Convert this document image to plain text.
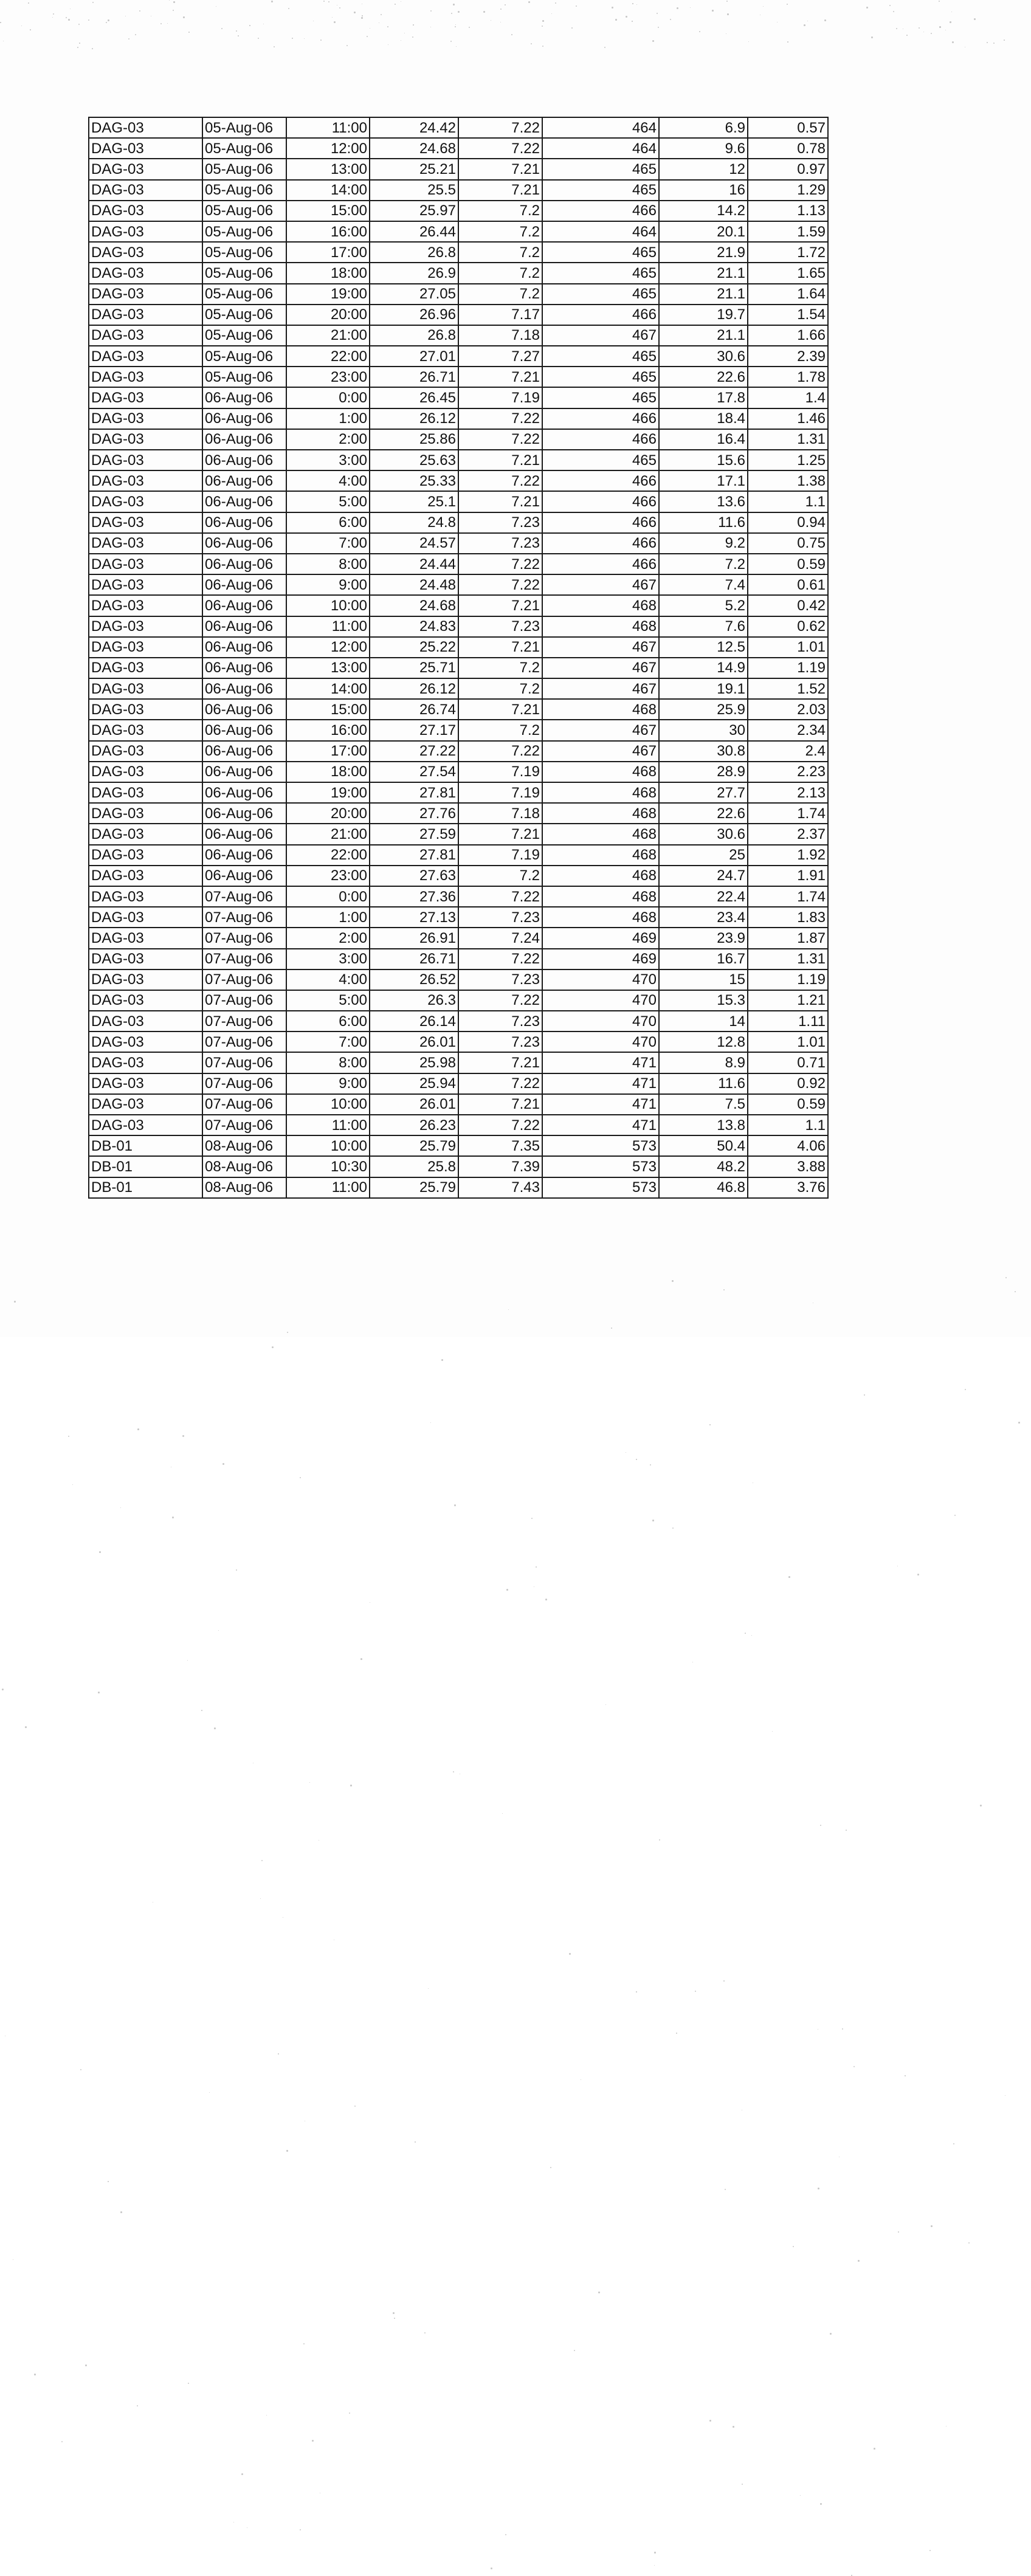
DAG-03	05-Aug-06	11:00	24.42	7.22	464	6.9	0.57
DAG-03	05-Aug-06	12:00	24.68	7.22	464	9.6	0.78
DAG-03	05-Aug-06	13:00	25.21	7.21	465	12	0.97
DAG-03	05-Aug-06	14:00	25.5	7.21	465	16	1.29
DAG-03	05-Aug-06	15:00	25.97	7.2	466	14.2	1.13
DAG-03	05-Aug-06	16:00	26.44	7.2	464	20.1	1.59
DAG-03	05-Aug-06	17:00	26.8	7.2	465	21.9	1.72
DAG-03	05-Aug-06	18:00	26.9	7.2	465	21.1	1.65
DAG-03	05-Aug-06	19:00	27.05	7.2	465	21.1	1.64
DAG-03	05-Aug-06	20:00	26.96	7.17	466	19.7	1.54
DAG-03	05-Aug-06	21:00	26.8	7.18	467	21.1	1.66
DAG-03	05-Aug-06	22:00	27.01	7.27	465	30.6	2.39
DAG-03	05-Aug-06	23:00	26.71	7.21	465	22.6	1.78
DAG-03	06-Aug-06	0:00	26.45	7.19	465	17.8	1.4
DAG-03	06-Aug-06	1:00	26.12	7.22	466	18.4	1.46
DAG-03	06-Aug-06	2:00	25.86	7.22	466	16.4	1.31
DAG-03	06-Aug-06	3:00	25.63	7.21	465	15.6	1.25
DAG-03	06-Aug-06	4:00	25.33	7.22	466	17.1	1.38
DAG-03	06-Aug-06	5:00	25.1	7.21	466	13.6	1.1
DAG-03	06-Aug-06	6:00	24.8	7.23	466	11.6	0.94
DAG-03	06-Aug-06	7:00	24.57	7.23	466	9.2	0.75
DAG-03	06-Aug-06	8:00	24.44	7.22	466	7.2	0.59
DAG-03	06-Aug-06	9:00	24.48	7.22	467	7.4	0.61
DAG-03	06-Aug-06	10:00	24.68	7.21	468	5.2	0.42
DAG-03	06-Aug-06	11:00	24.83	7.23	468	7.6	0.62
DAG-03	06-Aug-06	12:00	25.22	7.21	467	12.5	1.01
DAG-03	06-Aug-06	13:00	25.71	7.2	467	14.9	1.19
DAG-03	06-Aug-06	14:00	26.12	7.2	467	19.1	1.52
DAG-03	06-Aug-06	15:00	26.74	7.21	468	25.9	2.03
DAG-03	06-Aug-06	16:00	27.17	7.2	467	30	2.34
DAG-03	06-Aug-06	17:00	27.22	7.22	467	30.8	2.4
DAG-03	06-Aug-06	18:00	27.54	7.19	468	28.9	2.23
DAG-03	06-Aug-06	19:00	27.81	7.19	468	27.7	2.13
DAG-03	06-Aug-06	20:00	27.76	7.18	468	22.6	1.74
DAG-03	06-Aug-06	21:00	27.59	7.21	468	30.6	2.37
DAG-03	06-Aug-06	22:00	27.81	7.19	468	25	1.92
DAG-03	06-Aug-06	23:00	27.63	7.2	468	24.7	1.91
DAG-03	07-Aug-06	0:00	27.36	7.22	468	22.4	1.74
DAG-03	07-Aug-06	1:00	27.13	7.23	468	23.4	1.83
DAG-03	07-Aug-06	2:00	26.91	7.24	469	23.9	1.87
DAG-03	07-Aug-06	3:00	26.71	7.22	469	16.7	1.31
DAG-03	07-Aug-06	4:00	26.52	7.23	470	15	1.19
DAG-03	07-Aug-06	5:00	26.3	7.22	470	15.3	1.21
DAG-03	07-Aug-06	6:00	26.14	7.23	470	14	1.11
DAG-03	07-Aug-06	7:00	26.01	7.23	470	12.8	1.01
DAG-03	07-Aug-06	8:00	25.98	7.21	471	8.9	0.71
DAG-03	07-Aug-06	9:00	25.94	7.22	471	11.6	0.92
DAG-03	07-Aug-06	10:00	26.01	7.21	471	7.5	0.59
DAG-03	07-Aug-06	11:00	26.23	7.22	471	13.8	1.1
DB-01	08-Aug-06	10:00	25.79	7.35	573	50.4	4.06
DB-01	08-Aug-06	10:30	25.8	7.39	573	48.2	3.88
DB-01	08-Aug-06	11:00	25.79	7.43	573	46.8	3.76
